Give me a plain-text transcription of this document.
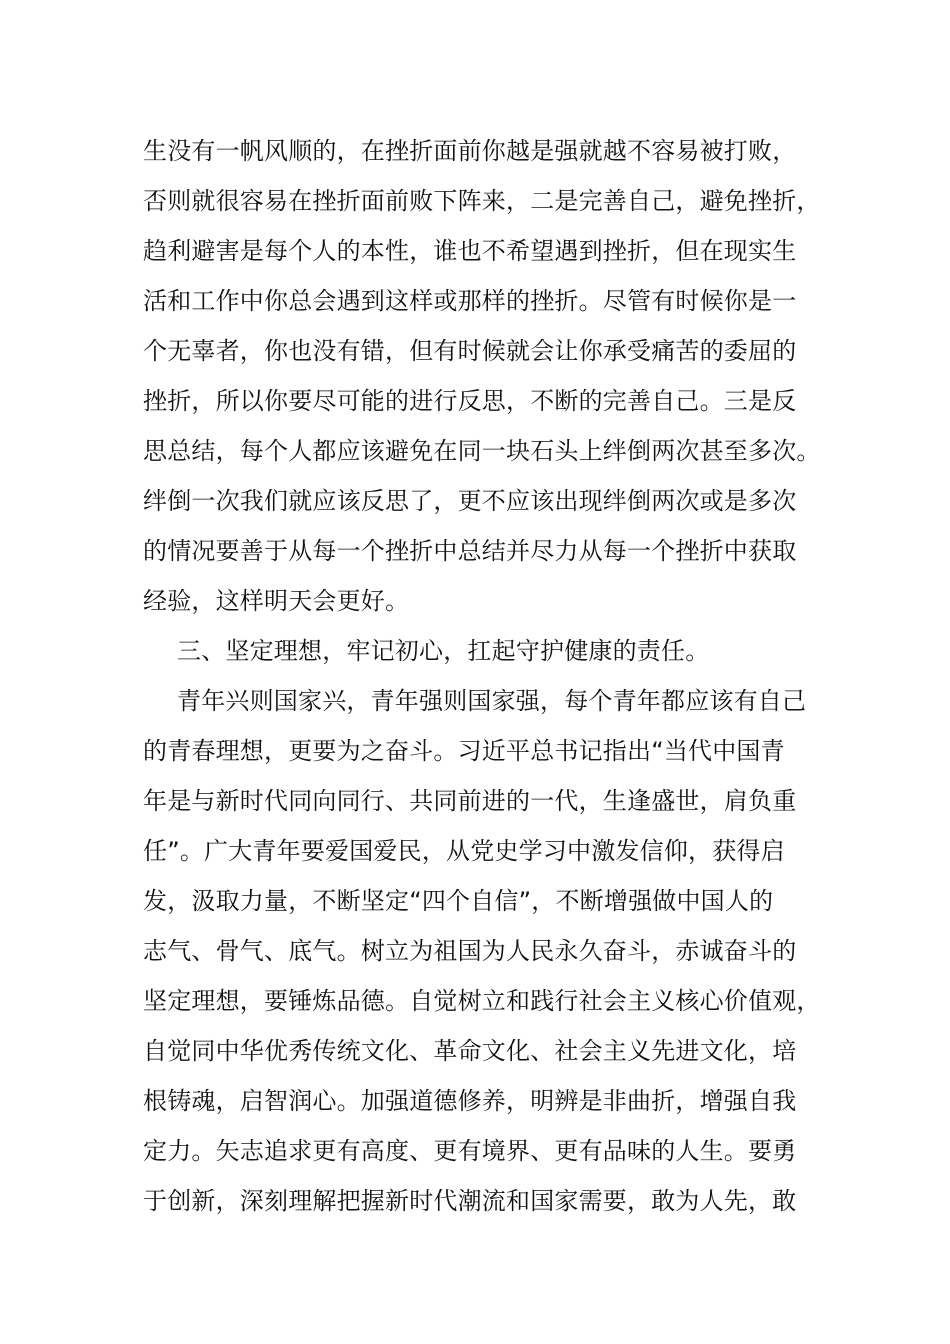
生没有一帆风顺的，在挫折面前你越是强就越不容易被打败，
否则就很容易在挫折面前败下阵来，二是完善自己，避免挫折，
趋利避害是每个人的本性，谁也不希望遇到挫折，但在现实生
活和工作中你总会遇到这样或那样的挫折。尽管有时候你是一
个无辜者，你也没有错，但有时候就会让你承受痛苦的委屈的
挫折，所以你要尽可能的进行反思，不断的完善自己。三是反
思总结，每个人都应该避免在同一块石头上绊倒两次甚至多次。
绊倒一次我们就应该反思了，更不应该出现绊倒两次或是多次
的情况要善于从每一个挫折中总结并尽力从每一个挫折中获取
经验，这样明天会更好。
三、坚定理想，牢记初心，扛起守护健康的责任。
青年兴则国家兴，青年强则国家强，每个青年都应该有自己
的青春理想，更要为之奋斗。习近平总书记指出“当代中国青
年是与新时代同向同行、共同前进的一代，生逢盛世，肩负重
任”。广大青年要爱国爱民，从党史学习中激发信仰，获得启
发，汲取力量，不断坚定“四个自信”，不断增强做中国人的
志气、骨气、底气。树立为祖国为人民永久奋斗，赤诚奋斗的
坚定理想，要锤炼品德。自觉树立和践行社会主义核心价值观，
自觉同中华优秀传统文化、革命文化、社会主义先进文化，培
根铸魂，启智润心。加强道德修养，明辨是非曲折，增强自我
定力。矢志追求更有高度、更有境界、更有品味的人生。要勇
于创新，深刻理解把握新时代潮流和国家需要，敢为人先，敢
